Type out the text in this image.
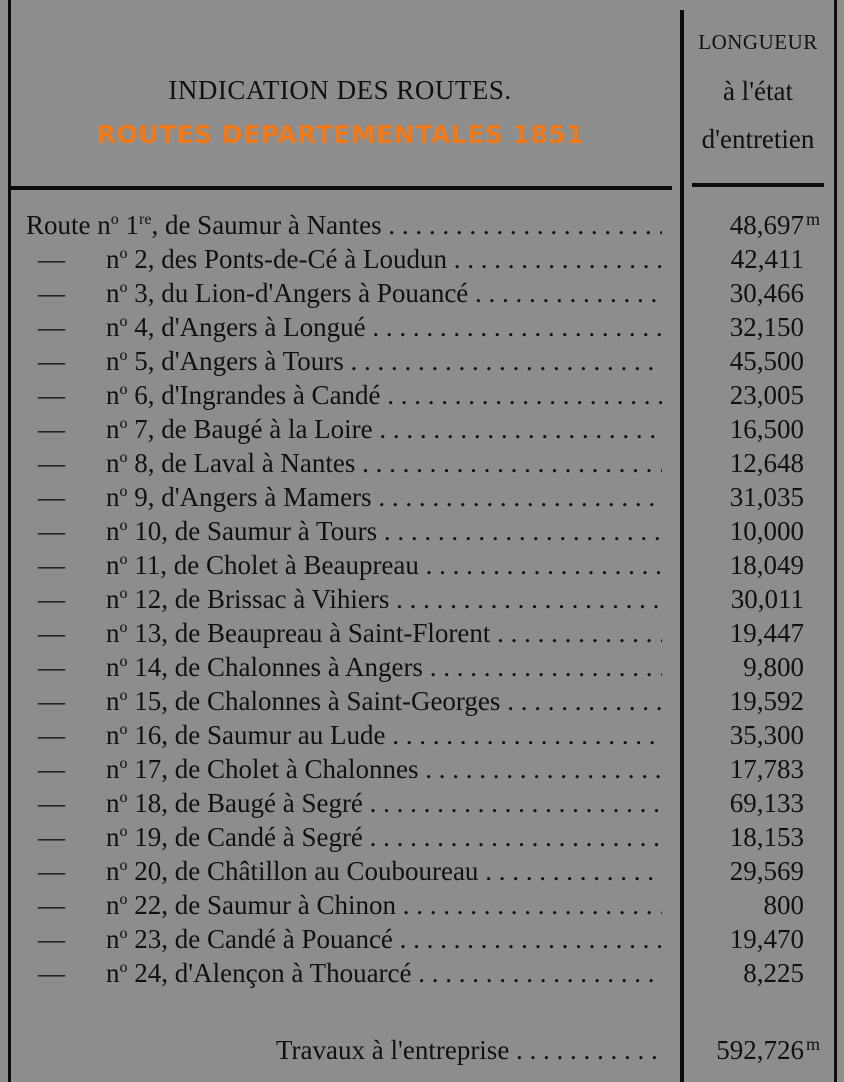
INDICATION DES ROUTES.
ROUTES DEPARTEMENTALES 1851
LONGUEUR
à l'état
d'entretien
Route $n^o$ 1re, de Saumur à Nantes . . .	48,697 m
—	$n^o$ 2, des Ponts-de-Cé à Loudun . . .	42,411
—	$n^o$ 3, du Lion-d'Angers à Pouancé . . .	30,466
—	$n^o$ 4, d'Angers à Longué . . .	32,150
—	$n^o$ 5, d'Angers à Tours . . .	45,500
—	$n^o$ 6, d'Ingrandes à Candé . . .	23,005
—	$n^o$ 7, de Baugé à la Loire . . .	16,500
—	$n^o$ 8, de Laval à Nantes . . .	12,648
—	$n^o$ 9, d'Angers à Mamers . . .	31,035
—	$n^o$ 10, de Saumur à Tours . . .	10,000
—	$n^o$ 11, de Cholet à Beaupreau . . .	18,049
—	$n^o$ 12, de Brissac à Vihiers . . .	30,011
—	$n^o$ 13, de Beaupreau à Saint-Florent . . .	19,447
—	$n^o$ 14, de Chalonnes à Angers . . .	9,800
—	$n^o$ 15, de Chalonnes à Saint-Georges . . .	19,592
—	$n^o$ 16, de Saumur au Lude . . .	35,300
—	$n^o$ 17, de Cholet à Chalonnes . . .	17,783
—	$n^o$ 18, de Baugé à Segré . . .	69,133
—	$n^o$ 19, de Candé à Segré . . .	18,153
—	$n^o$ 20, de Châtillon au Couboureau . . .	29,569
—	$n^o$ 22, de Saumur à Chinon . . .	800
—	$n^o$ 23, de Candé à Pouancé . . .	19,470
—	$n^o$ 24, d'Alençon à Thouarcé . . .	8,225
Travaux à l'entreprise . . .	592,726 m
